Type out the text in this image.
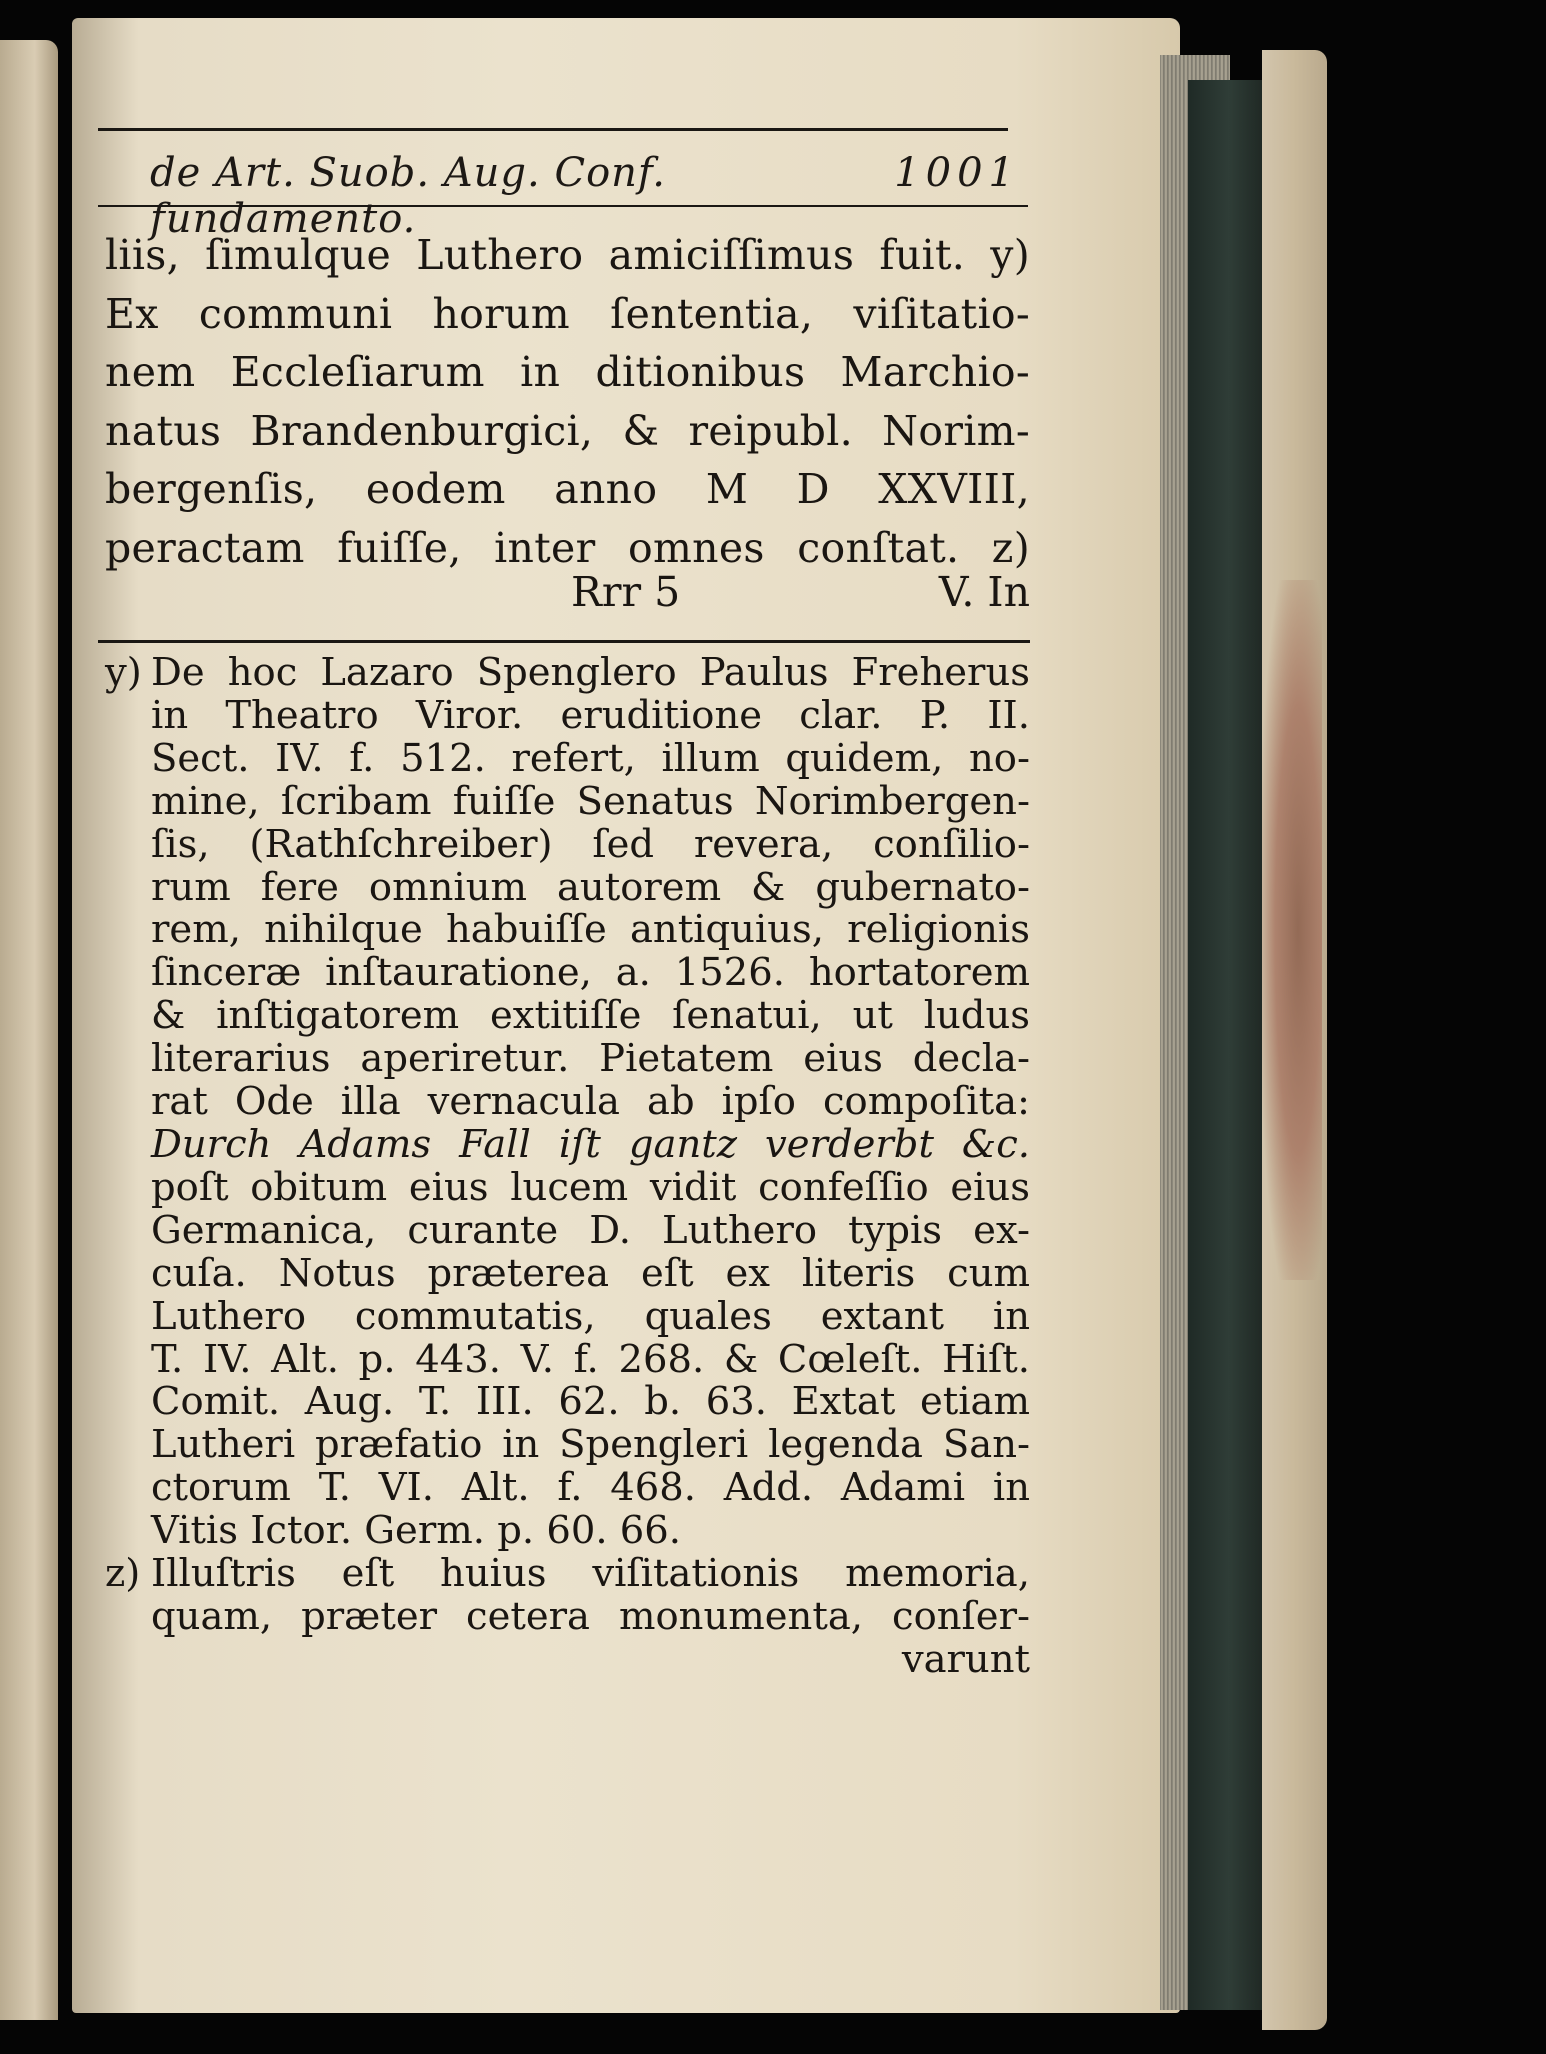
de Art. Suob. Aug. Conf. fundamento.
1001
liis, ſimulque Luthero amiciſſimus fuit. y)
Ex communi horum ſententia, viſitatio-
nem Eccleſiarum in ditionibus Marchio-
natus Brandenburgici, & reipubl. Norim-
bergenſis, eodem anno M D XXVIII,
peractam fuiſſe, inter omnes conſtat. z)
Rrr 5	V. In
y) De hoc Lazaro Spenglero Paulus Freherus
in Theatro Viror. eruditione clar. P. II.
Sect. IV. f. 512. refert, illum quidem, no-
mine, ſcribam fuiſſe Senatus Norimbergen-
ſis, (Rathſchreiber) ſed revera, conſilio-
rum fere omnium autorem & gubernato-
rem, nihilque habuiſſe antiquius, religionis
ſinceræ inſtauratione, a. 1526. hortatorem
& inſtigatorem extitiſſe ſenatui, ut ludus
literarius aperiretur. Pietatem eius decla-
rat Ode illa vernacula ab ipſo compoſita:
Durch Adams Fall iſt gantz verderbt &c.
poſt obitum eius lucem vidit confeſſio eius
Germanica, curante D. Luthero typis ex-
cuſa. Notus præterea eſt ex literis cum
Luthero commutatis, quales extant in
T. IV. Alt. p. 443. V. f. 268. & Cœleſt. Hiſt.
Comit. Aug. T. III. 62. b. 63. Extat etiam
Lutheri præfatio in Spengleri legenda San-
ctorum T. VI. Alt. f. 468. Add. Adami in
Vitis Ictor. Germ. p. 60. 66.
z) Illuſtris eſt huius viſitationis memoria,
quam, præter cetera monumenta, conſer-
varunt
